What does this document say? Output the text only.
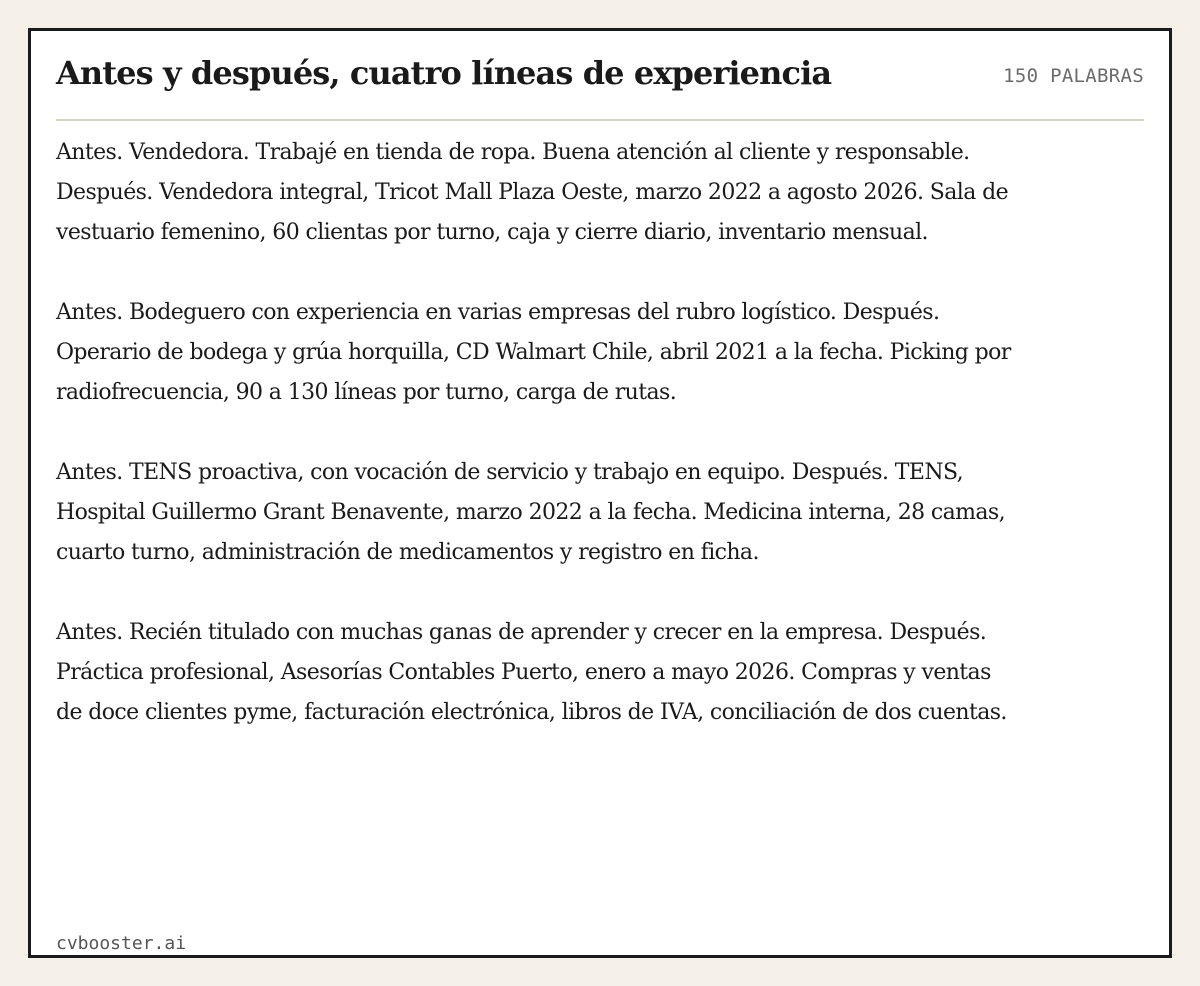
Antes y después, cuatro líneas de experiencia	150 PALABRAS

Antes. Vendedora. Trabajé en tienda de ropa. Buena atención al cliente y responsable. Después. Vendedora integral, Tricot Mall Plaza Oeste, marzo 2022 a agosto 2026. Sala de vestuario femenino, 60 clientas por turno, caja y cierre diario, inventario mensual.

Antes. Bodeguero con experiencia en varias empresas del rubro logístico. Después. Operario de bodega y grúa horquilla, CD Walmart Chile, abril 2021 a la fecha. Picking por radiofrecuencia, 90 a 130 líneas por turno, carga de rutas.

Antes. TENS proactiva, con vocación de servicio y trabajo en equipo. Después. TENS, Hospital Guillermo Grant Benavente, marzo 2022 a la fecha. Medicina interna, 28 camas, cuarto turno, administración de medicamentos y registro en ficha.

Antes. Recién titulado con muchas ganas de aprender y crecer en la empresa. Después. Práctica profesional, Asesorías Contables Puerto, enero a mayo 2026. Compras y ventas de doce clientes pyme, facturación electrónica, libros de IVA, conciliación de dos cuentas.

cvbooster.ai
